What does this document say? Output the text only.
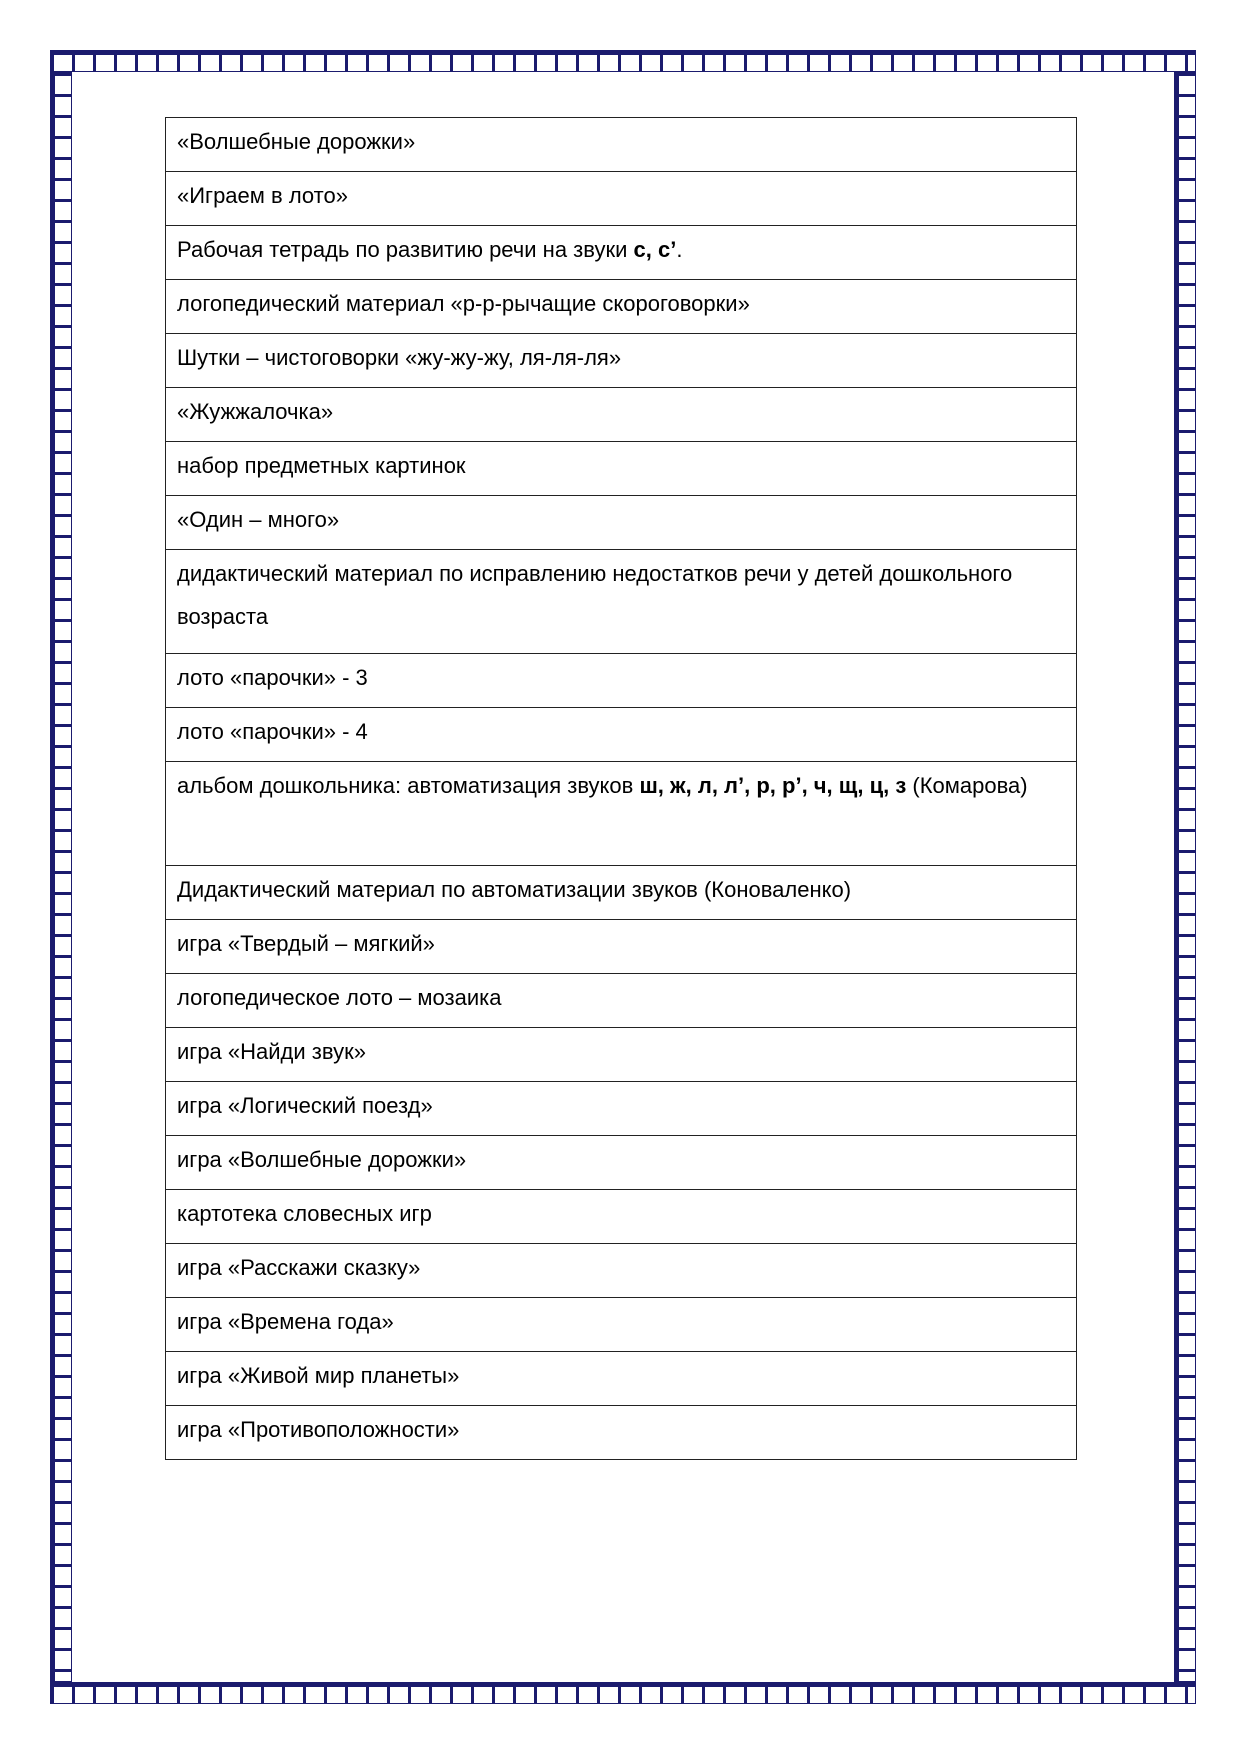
«Волшебные дорожки»
«Играем в лото»
Рабочая тетрадь по развитию речи на звуки с, с’.
логопедический материал «р-р-рычащие скороговорки»
Шутки – чистоговорки «жу-жу-жу, ля-ля-ля»
«Жужжалочка»
набор предметных картинок
«Один – много»
дидактический материал по исправлению недостатков речи у детей дошкольного возраста
лото «парочки» - 3
лото «парочки» - 4
альбом дошкольника: автоматизация звуков ш, ж, л, л’, р, р’, ч, щ, ц, з (Комарова)
Дидактический материал по автоматизации звуков (Коноваленко)
игра «Твердый – мягкий»
логопедическое лото – мозаика
игра «Найди звук»
игра «Логический поезд»
игра «Волшебные дорожки»
картотека словесных игр
игра «Расскажи сказку»
игра «Времена года»
игра «Живой мир планеты»
игра «Противоположности»
